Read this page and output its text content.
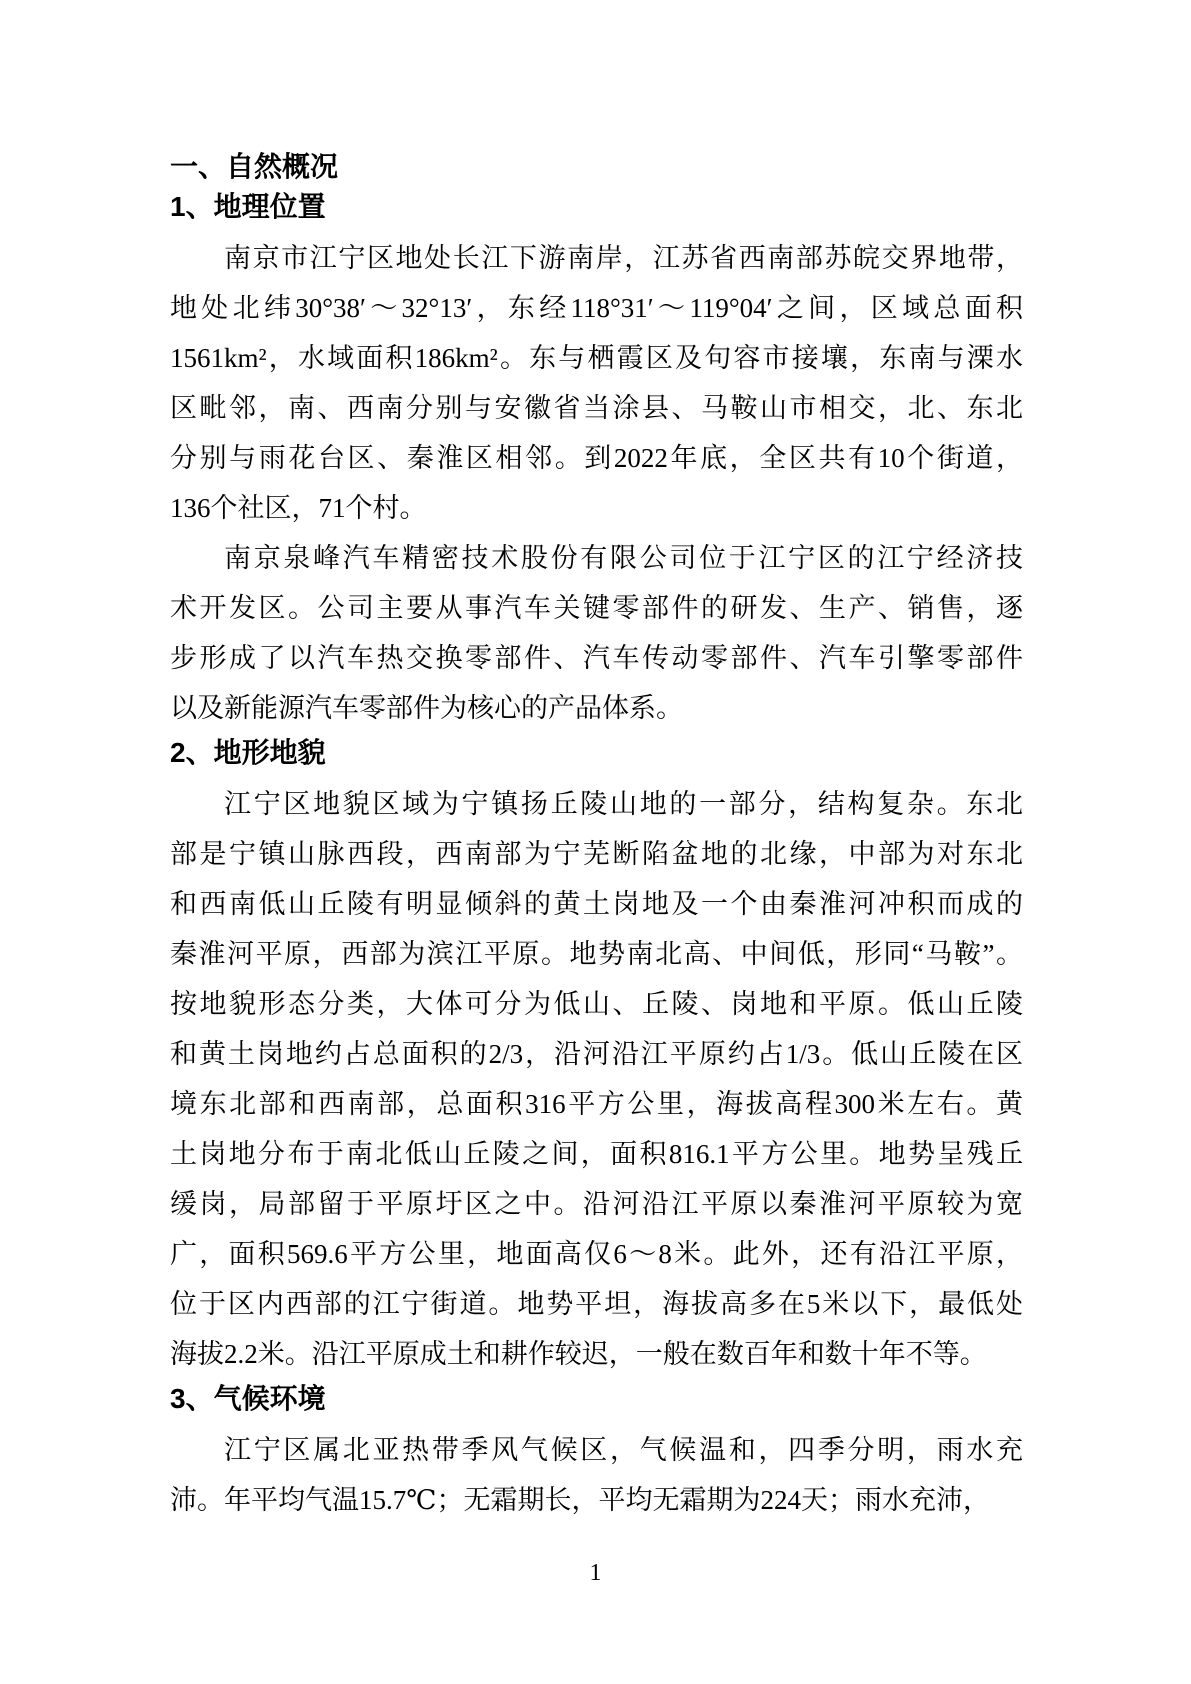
一、自然概况
1、地理位置
南京市江宁区地处长江下游南岸，江苏省西南部苏皖交界地带，
地处北纬30°38′～32°13′，东经118°31′～119°04′之间，区域总面积
1561km²，水域面积186km²。东与栖霞区及句容市接壤，东南与溧水
区毗邻，南、西南分别与安徽省当涂县、马鞍山市相交，北、东北
分别与雨花台区、秦淮区相邻。到2022年底，全区共有10个街道，
136个社区，71个村。
南京泉峰汽车精密技术股份有限公司位于江宁区的江宁经济技
术开发区。公司主要从事汽车关键零部件的研发、生产、销售，逐
步形成了以汽车热交换零部件、汽车传动零部件、汽车引擎零部件
以及新能源汽车零部件为核心的产品体系。
2、地形地貌
江宁区地貌区域为宁镇扬丘陵山地的一部分，结构复杂。东北
部是宁镇山脉西段，西南部为宁芜断陷盆地的北缘，中部为对东北
和西南低山丘陵有明显倾斜的黄土岗地及一个由秦淮河冲积而成的
秦淮河平原，西部为滨江平原。地势南北高、中间低，形同“马鞍”。
按地貌形态分类，大体可分为低山、丘陵、岗地和平原。低山丘陵
和黄土岗地约占总面积的2/3，沿河沿江平原约占1/3。低山丘陵在区
境东北部和西南部，总面积316平方公里，海拔高程300米左右。黄
土岗地分布于南北低山丘陵之间，面积816.1平方公里。地势呈残丘
缓岗，局部留于平原圩区之中。沿河沿江平原以秦淮河平原较为宽
广，面积569.6平方公里，地面高仅6～8米。此外，还有沿江平原，
位于区内西部的江宁街道。地势平坦，海拔高多在5米以下，最低处
海拔2.2米。沿江平原成土和耕作较迟，一般在数百年和数十年不等。
3、气候环境
江宁区属北亚热带季风气候区，气候温和，四季分明，雨水充
沛。年平均气温15.7℃；无霜期长，平均无霜期为224天；雨水充沛，
1
